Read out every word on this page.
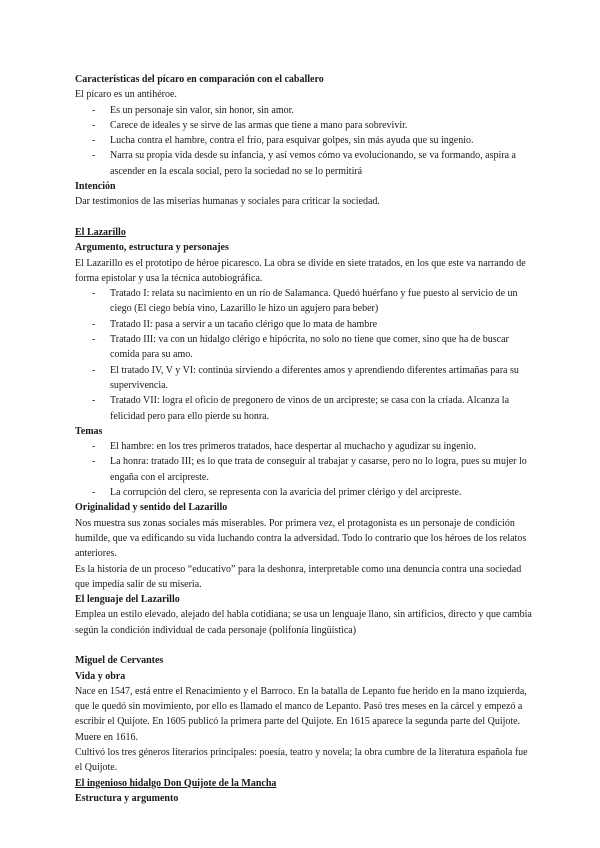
Características del pícaro en comparación con el caballero

El pícaro es un antihéroe.

- Es un personaje sin valor, sin honor, sin amor.
- Carece de ideales y se sirve de las armas que tiene a mano para sobrevivir.
- Lucha contra el hambre, contra el frío, para esquivar golpes, sin más ayuda que su ingenio.
- Narra su propia vida desde su infancia, y así vemos cómo va evolucionando, se va formando, aspira a ascender en la escala social, pero la sociedad no se lo permitirá

Intención

Dar testimonios de las miserias humanas y sociales para criticar la sociedad.

El Lazarillo

Argumento, estructura y personajes

El Lazarillo es el prototipo de héroe picaresco. La obra se divide en siete tratados, en los que este va narrando de forma epistolar y usa la técnica autobiográfica.

- Tratado I: relata su nacimiento en un río de Salamanca. Quedó huérfano y fue puesto al servicio de un ciego (El ciego bebía vino, Lazarillo le hizo un agujero para beber)
- Tratado II: pasa a servir a un tacaño clérigo que lo mata de hambre
- Tratado III: va con un hidalgo clérigo e hipócrita, no solo no tiene que comer, sino que ha de buscar comida para su amo.
- El tratado IV, V y VI: continúa sirviendo a diferentes amos y aprendiendo diferentes artimañas para su supervivencia.
- Tratado VII: logra el oficio de pregonero de vinos de un arcipreste; se casa con la criada. Alcanza la felicidad pero para ello pierde su honra.

Temas

- El hambre: en los tres primeros tratados, hace despertar al muchacho y agudizar su ingenio.
- La honra: tratado III; es lo que trata de conseguir al trabajar y casarse, pero no lo logra, pues su mujer lo engaña con el arcipreste.
- La corrupción del clero, se representa con la avaricia del primer clérigo y del arcipreste.

Originalidad y sentido del Lazarillo

Nos muestra sus zonas sociales más miserables. Por primera vez, el protagonista es un personaje de condición humilde, que va edificando su vida luchando contra la adversidad. Todo lo contrario que los héroes de los relatos anteriores.

Es la historia de un proceso “educativo” para la deshonra, interpretable como una denuncia contra una sociedad que impedía salir de su miseria.

El lenguaje del Lazarillo

Emplea un estilo elevado, alejado del habla cotidiana; se usa un lenguaje llano, sin artificios, directo y que cambia según la condición individual de cada personaje (polifonía lingüística)

Miguel de Cervantes

Vida y obra

Nace en 1547, está entre el Renacimiento y el Barroco. En la batalla de Lepanto fue herido en la mano izquierda, que le quedó sin movimiento, por ello es llamado el manco de Lepanto. Pasó tres meses en la cárcel y empezó a escribir el Quijote. En 1605 publicó la primera parte del Quijote. En 1615 aparece la segunda parte del Quijote. Muere en 1616.

Cultivó los tres géneros literarios principales: poesía, teatro y novela; la obra cumbre de la literatura española fue el Quijote.

El ingenioso hidalgo Don Quijote de la Mancha

Estructura y argumento
